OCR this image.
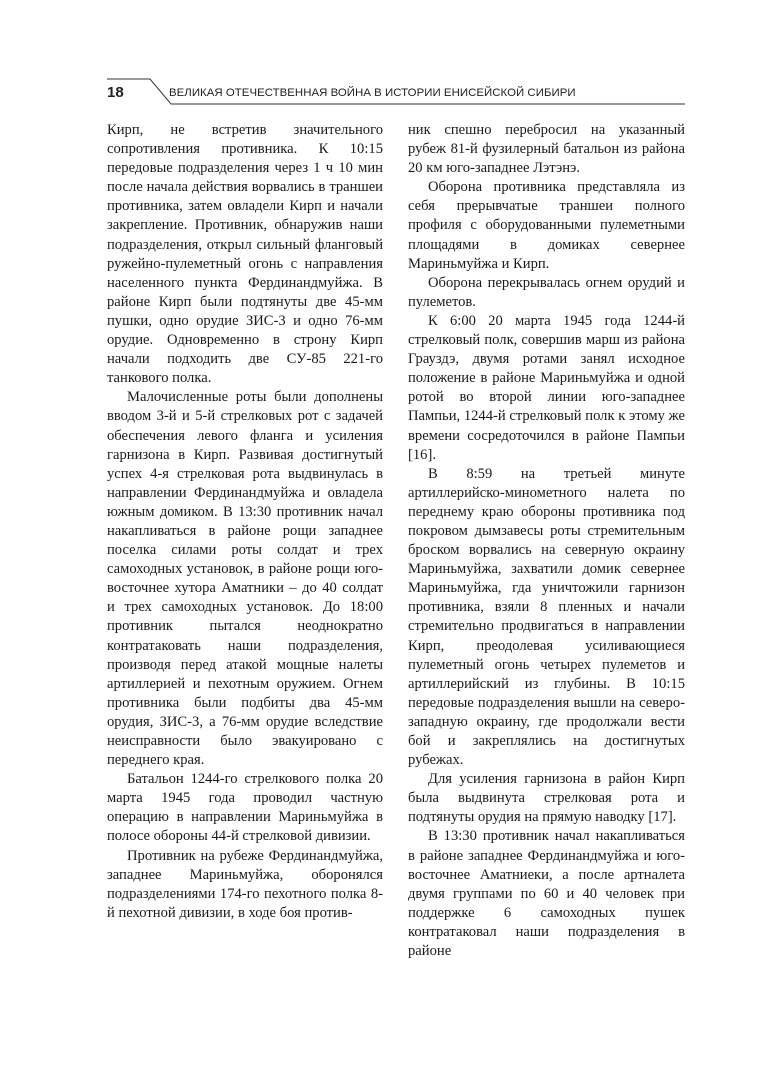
18	ВЕЛИКАЯ ОТЕЧЕСТВЕННАЯ ВОЙНА В ИСТОРИИ ЕНИСЕЙСКОЙ СИБИРИ

Кирп, не встретив значительного сопротивления противника. К 10:15 передовые подразделения через 1 ч 10 мин после начала действия ворвались в траншеи противника, затем овладели Кирп и начали закрепление. Противник, обнаружив наши подразделения, открыл сильный фланговый ружейно-пулеметный огонь с направления населенного пункта Фердинандмуйжа. В районе Кирп были подтянуты две 45-мм пушки, одно орудие ЗИС-3 и одно 76-мм орудие. Одновременно в строну Кирп начали подходить две СУ-85 221-го танкового полка.

Малочисленные роты были дополнены вводом 3-й и 5-й стрелковых рот с задачей обеспечения левого фланга и усиления гарнизона в Кирп. Развивая достигнутый успех 4-я стрелковая рота выдвинулась в направлении Фердинандмуйжа и овладела южным домиком. В 13:30 противник начал накапливаться в районе рощи западнее поселка силами роты солдат и трех самоходных установок, в районе рощи юго-восточнее хутора Аматники – до 40 солдат и трех самоходных установок. До 18:00 противник пытался неоднократно контратаковать наши подразделения, производя перед атакой мощные налеты артиллерией и пехотным оружием. Огнем противника были подбиты два 45-мм орудия, ЗИС-3, а 76-мм орудие вследствие неисправности было эвакуировано с переднего края.

Батальон 1244-го стрелкового полка 20 марта 1945 года проводил частную операцию в направлении Мариньмуйжа в полосе обороны 44-й стрелковой дивизии.

Противник на рубеже Фердинандмуйжа, западнее Мариньмуйжа, оборонялся подразделениями 174-го пехотного полка 8-й пехотной дивизии, в ходе боя против-

ник спешно перебросил на указанный рубеж 81-й фузилерный батальон из района 20 км юго-западнее Лэтэнэ.

Оборона противника представляла из себя прерывчатые траншеи полного профиля с оборудованными пулеметными площадями в домиках севернее Мариньмуйжа и Кирп.

Оборона перекрывалась огнем орудий и пулеметов.

К 6:00 20 марта 1945 года 1244-й стрелковый полк, совершив марш из района Грауздэ, двумя ротами занял исходное положение в районе Мариньмуйжа и одной ротой во второй линии юго-западнее Пампьи, 1244-й стрелковый полк к этому же времени сосредоточился в районе Пампьи [16].

В 8:59 на третьей минуте артиллерийско-минометного налета по переднему краю обороны противника под покровом дымзавесы роты стремительным броском ворвались на северную окраину Мариньмуйжа, захватили домик севернее Мариньмуйжа, гда уничтожили гарнизон противника, взяли 8 пленных и начали стремительно продвигаться в направлении Кирп, преодолевая усиливающиеся пулеметный огонь четырех пулеметов и артиллерийский из глубины. В 10:15 передовые подразделения вышли на северо-западную окраину, где продолжали вести бой и закреплялись на достигнутых рубежах.

Для усиления гарнизона в район Кирп была выдвинута стрелковая рота и подтянуты орудия на прямую наводку [17].

В 13:30 противник начал накапливаться в районе западнее Фердинандмуйжа и юго-восточнее Аматниеки, а после артналета двумя группами по 60 и 40 человек при поддержке 6 самоходных пушек контратаковал наши подразделения в районе
